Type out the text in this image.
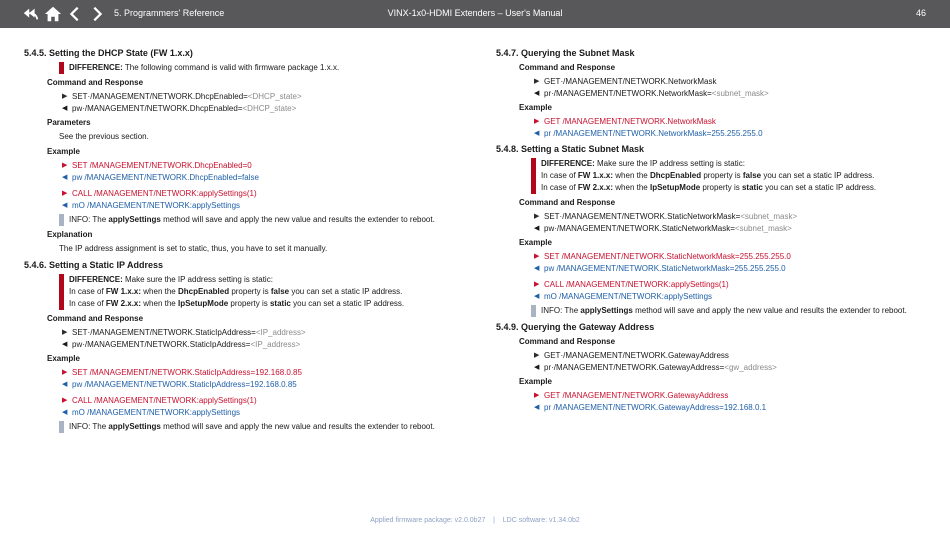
5. Programmers' Reference	VINX-1x0-HDMI Extenders – User's Manual	46
5.4.5. Setting the DHCP State (FW 1.x.x)
DIFFERENCE: The following command is valid with firmware package 1.x.x.
Command and Response
▶ SET·/MANAGEMENT/NETWORK.DhcpEnabled=<DHCP_state>
◀ pw·/MANAGEMENT/NETWORK.DhcpEnabled=<DHCP_state>
Parameters
See the previous section.
Example
▶ SET /MANAGEMENT/NETWORK.DhcpEnabled=0
◀ pw /MANAGEMENT/NETWORK.DhcpEnabled=false
▶ CALL /MANAGEMENT/NETWORK:applySettings(1)
◀ mO /MANAGEMENT/NETWORK:applySettings
INFO: The applySettings method will save and apply the new value and results the extender to reboot.
Explanation
The IP address assignment is set to static, thus, you have to set it manually.
5.4.6. Setting a Static IP Address
DIFFERENCE: Make sure the IP address setting is static:
In case of FW 1.x.x: when the DhcpEnabled property is false you can set a static IP address.
In case of FW 2.x.x: when the IpSetupMode property is static you can set a static IP address.
Command and Response
▶ SET·/MANAGEMENT/NETWORK.StaticIpAddress=<IP_address>
◀ pw·/MANAGEMENT/NETWORK.StaticIpAddress=<IP_address>
Example
▶ SET /MANAGEMENT/NETWORK.StaticIpAddress=192.168.0.85
◀ pw /MANAGEMENT/NETWORK.StaticIpAddress=192.168.0.85
▶ CALL /MANAGEMENT/NETWORK:applySettings(1)
◀ mO /MANAGEMENT/NETWORK:applySettings
INFO: The applySettings method will save and apply the new value and results the extender to reboot.
5.4.7. Querying the Subnet Mask
Command and Response
▶ GET·/MANAGEMENT/NETWORK.NetworkMask
◀ pr·/MANAGEMENT/NETWORK.NetworkMask=<subnet_mask>
Example
▶ GET /MANAGEMENT/NETWORK.NetworkMask
◀ pr /MANAGEMENT/NETWORK.NetworkMask=255.255.255.0
5.4.8. Setting a Static Subnet Mask
DIFFERENCE: Make sure the IP address setting is static:
In case of FW 1.x.x: when the DhcpEnabled property is false you can set a static IP address.
In case of FW 2.x.x: when the IpSetupMode property is static you can set a static IP address.
Command and Response
▶ SET·/MANAGEMENT/NETWORK.StaticNetworkMask=<subnet_mask>
◀ pw·/MANAGEMENT/NETWORK.StaticNetworkMask=<subnet_mask>
Example
▶ SET /MANAGEMENT/NETWORK.StaticNetworkMask=255.255.255.0
◀ pw /MANAGEMENT/NETWORK.StaticNetworkMask=255.255.255.0
▶ CALL /MANAGEMENT/NETWORK:applySettings(1)
◀ mO /MANAGEMENT/NETWORK:applySettings
INFO: The applySettings method will save and apply the new value and results the extender to reboot.
5.4.9. Querying the Gateway Address
Command and Response
▶ GET·/MANAGEMENT/NETWORK.GatewayAddress
◀ pr·/MANAGEMENT/NETWORK.GatewayAddress=<gw_address>
Example
▶ GET /MANAGEMENT/NETWORK.GatewayAddress
◀ pr /MANAGEMENT/NETWORK.GatewayAddress=192.168.0.1
Applied firmware package: v2.0.0b27    |    LDC software: v1.34.0b2
